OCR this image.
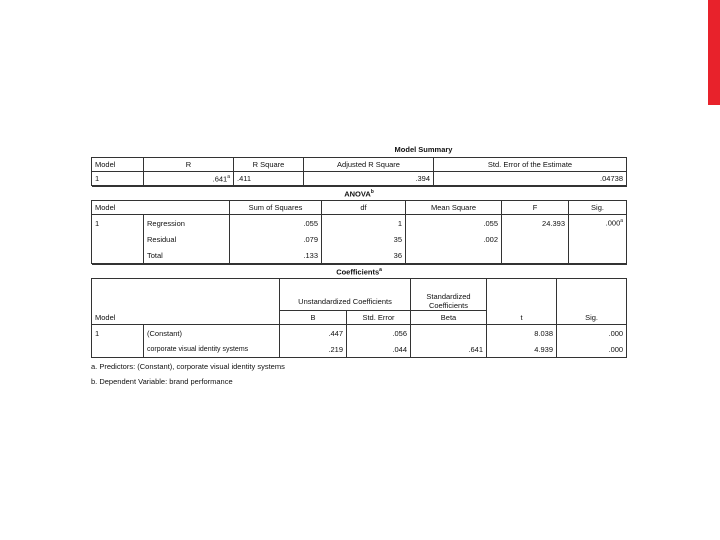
Model Summary
Model	R	R Square	Adjusted R Square	Std. Error of the Estimate
1	.641$^a$	.411	.394	.04738
ANOVA$^b$
Model		Sum of Squares	df	Mean Square	F	Sig.
1	Regression	.055	1	.055	24.393	.000$^a$
	Residual	.079	35	.002		
	Total	.133	36			
Coefficients$^a$

		Unstandardized Coefficients		Standardized Coefficients		
Model		B	Std. Error	Beta	t	Sig.
1	(Constant)	.447	.056		8.038	.000
	corporate visual identity systems	.219	.044	.641	4.939	.000
a. Predictors: (Constant), corporate visual identity systems
b. Dependent Variable: brand performance
